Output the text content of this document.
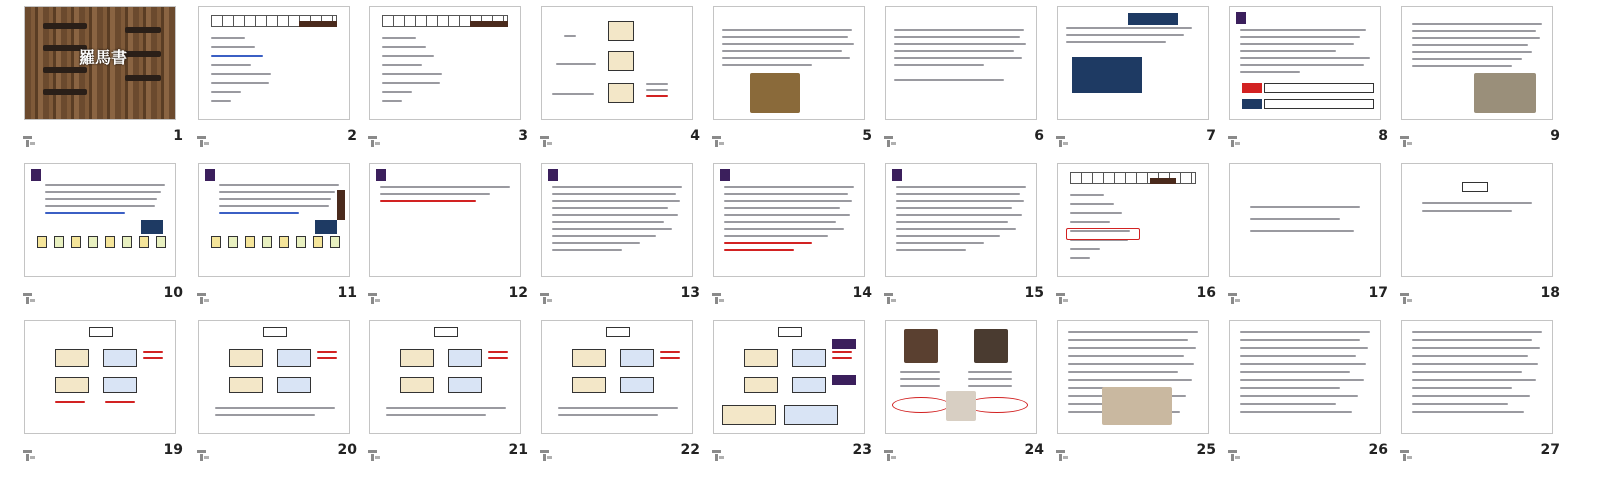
羅馬書
1	2	3	4	5	6	7	8	9
10	11	12	13	14	15	16	17	18
19	20	21	22	23	24	25	26	27
